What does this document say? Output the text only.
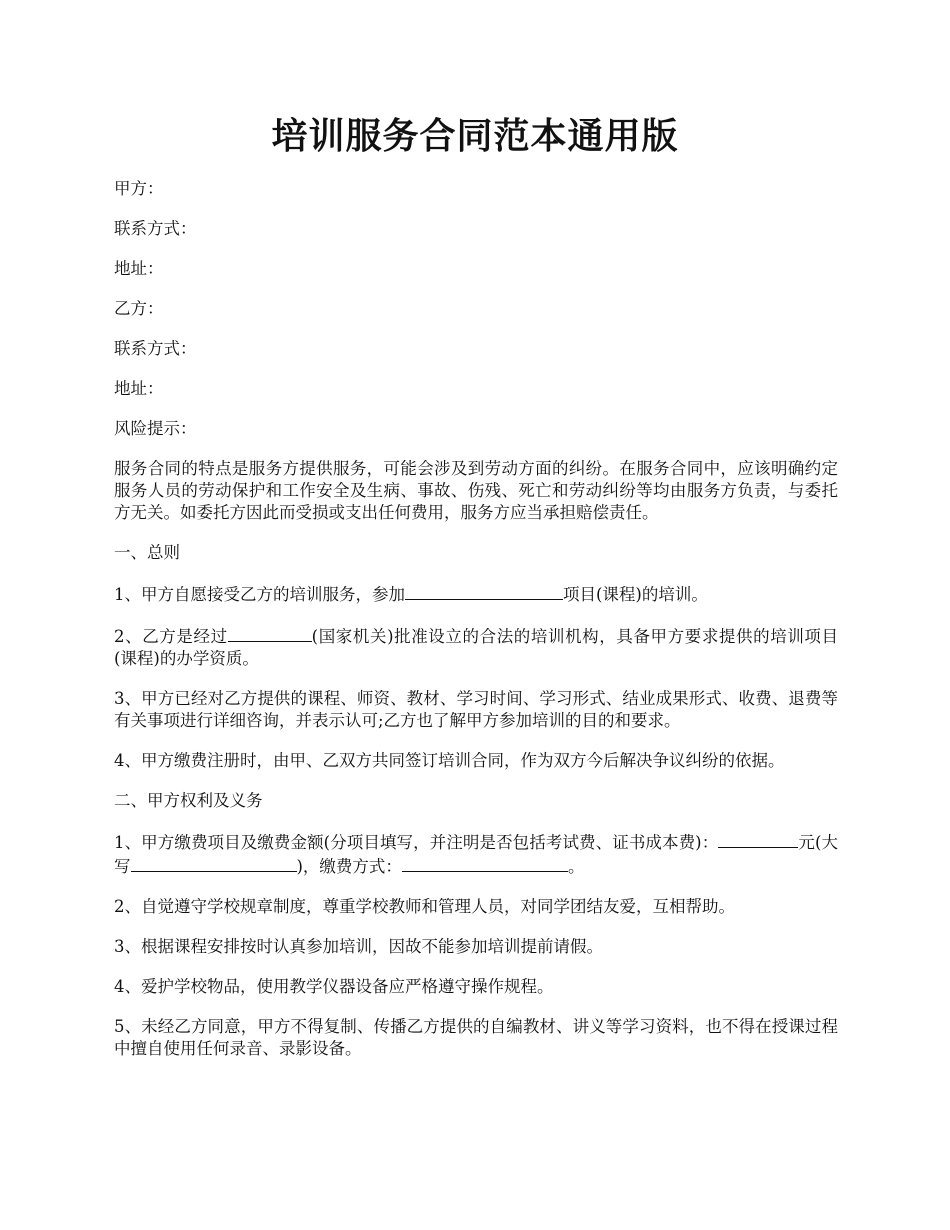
培训服务合同范本通用版

甲方：

联系方式：

地址：

乙方：

联系方式：

地址：

风险提示：

服务合同的特点是服务方提供服务，可能会涉及到劳动方面的纠纷。在服务合同中，应该明确约定服务人员的劳动保护和工作安全及生病、事故、伤残、死亡和劳动纠纷等均由服务方负责，与委托方无关。如委托方因此而受损或支出任何费用，服务方应当承担赔偿责任。

一、总则

1、甲方自愿接受乙方的培训服务，参加	项目(课程)的培训。

2、乙方是经过	(国家机关)批准设立的合法的培训机构，具备甲方要求提供的培训项目(课程)的办学资质。

3、甲方已经对乙方提供的课程、师资、教材、学习时间、学习形式、结业成果形式、收费、退费等有关事项进行详细咨询，并表示认可;乙方也了解甲方参加培训的目的和要求。

4、甲方缴费注册时，由甲、乙双方共同签订培训合同，作为双方今后解决争议纠纷的依据。

二、甲方权利及义务

1、甲方缴费项目及缴费金额(分项目填写，并注明是否包括考试费、证书成本费)：	元(大写	)，缴费方式：	。

2、自觉遵守学校规章制度，尊重学校教师和管理人员，对同学团结友爱，互相帮助。

3、根据课程安排按时认真参加培训，因故不能参加培训提前请假。

4、爱护学校物品，使用教学仪器设备应严格遵守操作规程。

5、未经乙方同意，甲方不得复制、传播乙方提供的自编教材、讲义等学习资料，也不得在授课过程中擅自使用任何录音、录影设备。
